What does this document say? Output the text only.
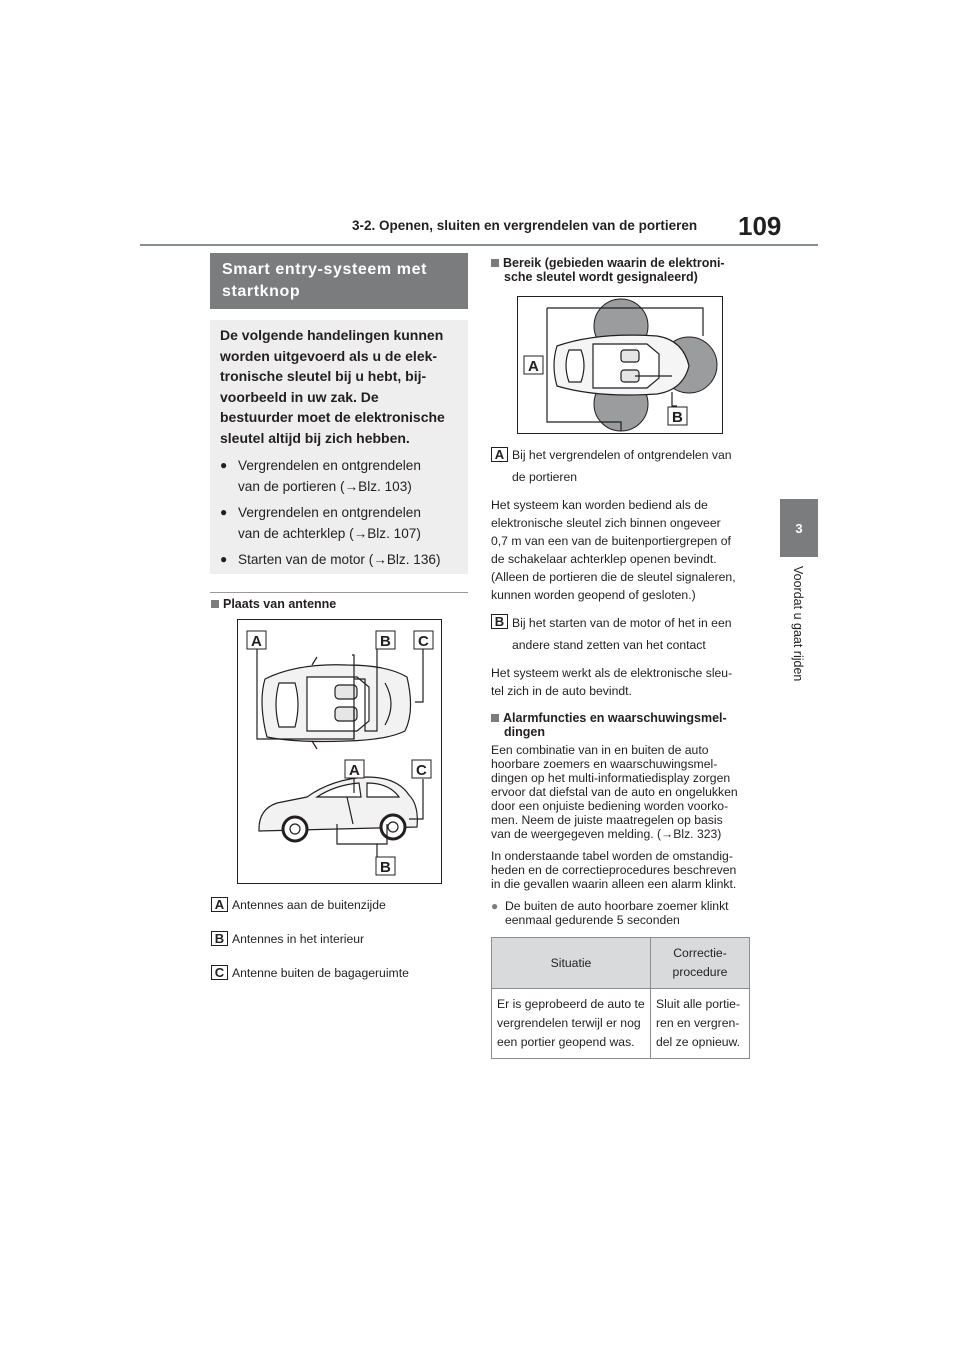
3-2. Openen, sluiten en vergrendelen van de portieren 109
3
Voordat u gaat rijden
Smart entry-systeem met startknop
De volgende handelingen kunnen
worden uitgevoerd als u de elek-
tronische sleutel bij u hebt, bij-
voorbeeld in uw zak. De
bestuurder moet de elektronische
sleutel altijd bij zich hebben.
● Vergrendelen en ontgrendelen
van de portieren (→Blz. 103)
● Vergrendelen en ontgrendelen
van de achterklep (→Blz. 107)
● Starten van de motor (→Blz. 136)
Plaats van antenne
A	B C
A	C
B
A Antennes aan de buitenzijde
B Antennes in het interieur
C Antenne buiten de bagageruimte
Bereik (gebieden waarin de elektroni-
sche sleutel wordt gesignaleerd)
A
B
A Bij het vergrendelen of ontgrendelen van
de portieren
Het systeem kan worden bediend als de
elektronische sleutel zich binnen ongeveer
0,7 m van een van de buitenportiergrepen of
de schakelaar achterklep openen bevindt.
(Alleen de portieren die de sleutel signaleren,
kunnen worden geopend of gesloten.)
B Bij het starten van de motor of het in een
andere stand zetten van het contact
Het systeem werkt als de elektronische sleu-
tel zich in de auto bevindt.
Alarmfuncties en waarschuwingsmel-
dingen
Een combinatie van in en buiten de auto
hoorbare zoemers en waarschuwingsmel-
dingen op het multi-informatiedisplay zorgen
ervoor dat diefstal van de auto en ongelukken
door een onjuiste bediening worden voorko-
men. Neem de juiste maatregelen op basis
van de weergegeven melding. (→Blz. 323)
In onderstaande tabel worden de omstandig-
heden en de correctieprocedures beschreven
in die gevallen waarin alleen een alarm klinkt.
● De buiten de auto hoorbare zoemer klinkt
eenmaal gedurende 5 seconden
Situatie	Correctie-
procedure
Er is geprobeerd de auto te vergrendelen terwijl er nog een portier geopend was.	Sluit alle portie-ren en vergren-del ze opnieuw.
